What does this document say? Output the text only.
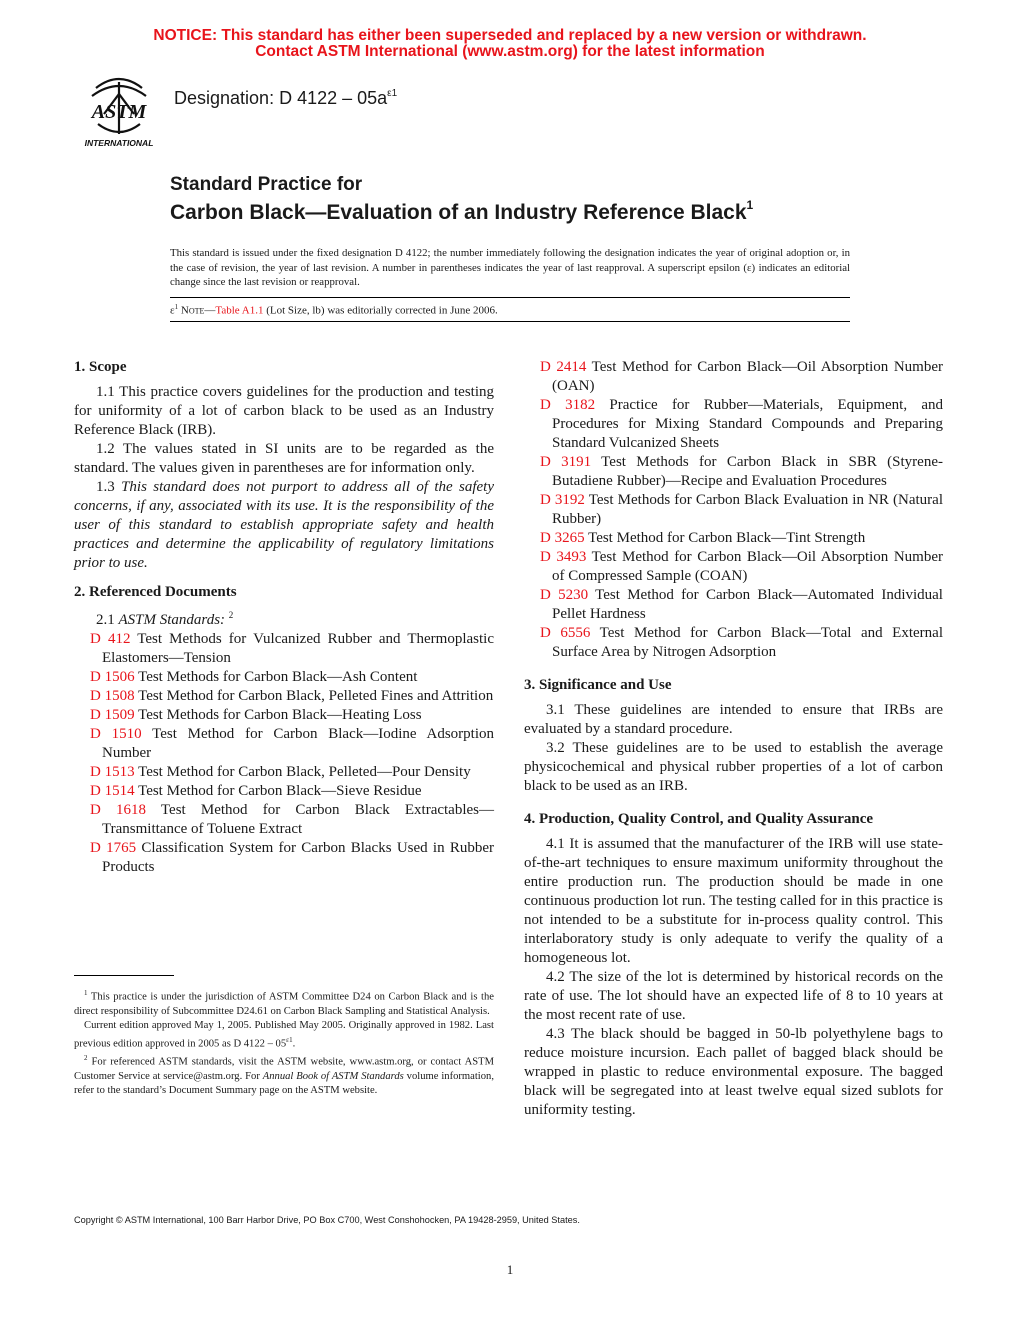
NOTICE: This standard has either been superseded and replaced by a new version or withdrawn.
Contact ASTM International (www.astm.org) for the latest information
ASTM
INTERNATIONAL
Designation: D $4122 - 05a^{\varepsilon 1}$
Standard Practice for
Carbon Black—Evaluation of an Industry Reference Black$^1$
This standard is issued under the fixed designation D 4122; the number immediately following the designation indicates the year of original adoption or, in the case of revision, the year of last revision. A number in parentheses indicates the year of last reapproval. A superscript epsilon (ε) indicates an editorial change since the last revision or reapproval.
$\varepsilon^1$ Note—Table A1.1 (Lot Size, lb) was editorially corrected in June 2006.
1. Scope

1.1 This practice covers guidelines for the production and testing for uniformity of a lot of carbon black to be used as an Industry Reference Black (IRB).

1.2 The values stated in SI units are to be regarded as the standard. The values given in parentheses are for information only.

1.3 This standard does not purport to address all of the safety concerns, if any, associated with its use. It is the responsibility of the user of this standard to establish appropriate safety and health practices and determine the applicability of regulatory limitations prior to use.

2. Referenced Documents

2.1 ASTM Standards: $^2$

D 412 Test Methods for Vulcanized Rubber and Thermoplastic Elastomers—Tension
D 1506 Test Methods for Carbon Black—Ash Content
D 1508 Test Method for Carbon Black, Pelleted Fines and Attrition
D 1509 Test Methods for Carbon Black—Heating Loss
D 1510 Test Method for Carbon Black—Iodine Adsorption Number
D 1513 Test Method for Carbon Black, Pelleted—Pour Density
D 1514 Test Method for Carbon Black—Sieve Residue
D 1618 Test Method for Carbon Black Extractables—Transmittance of Toluene Extract
D 1765 Classification System for Carbon Blacks Used in Rubber Products

$^1$ This practice is under the jurisdiction of ASTM Committee D24 on Carbon Black and is the direct responsibility of Subcommittee D24.61 on Carbon Black Sampling and Statistical Analysis.

Current edition approved May 1, 2005. Published May 2005. Originally approved in 1982. Last previous edition approved in 2005 as D $4122 - 05^{\varepsilon 1}$.

$^2$ For referenced ASTM standards, visit the ASTM website, www.astm.org, or contact ASTM Customer Service at service@astm.org. For Annual Book of ASTM Standards volume information, refer to the standard’s Document Summary page on the ASTM website.

D 2414 Test Method for Carbon Black—Oil Absorption Number (OAN)
D 3182 Practice for Rubber—Materials, Equipment, and Procedures for Mixing Standard Compounds and Preparing Standard Vulcanized Sheets
D 3191 Test Methods for Carbon Black in SBR (Styrene-Butadiene Rubber)—Recipe and Evaluation Procedures
D 3192 Test Methods for Carbon Black Evaluation in NR (Natural Rubber)
D 3265 Test Method for Carbon Black—Tint Strength
D 3493 Test Method for Carbon Black—Oil Absorption Number of Compressed Sample (COAN)
D 5230 Test Method for Carbon Black—Automated Individual Pellet Hardness
D 6556 Test Method for Carbon Black—Total and External Surface Area by Nitrogen Adsorption
3. Significance and Use

3.1 These guidelines are intended to ensure that IRBs are evaluated by a standard procedure.

3.2 These guidelines are to be used to establish the average physicochemical and physical rubber properties of a lot of carbon black to be used as an IRB.

4. Production, Quality Control, and Quality Assurance

4.1 It is assumed that the manufacturer of the IRB will use state-of-the-art techniques to ensure maximum uniformity throughout the entire production run. The production should be made in one continuous production lot run. The testing called for in this practice is not intended to be a substitute for in-process quality control. This interlaboratory study is only adequate to verify the quality of a homogeneous lot.

4.2 The size of the lot is determined by historical records on the rate of use. The lot should have an expected life of 8 to 10 years at the most recent rate of use.

4.3 The black should be bagged in 50-lb polyethylene bags to reduce moisture incursion. Each pallet of bagged black should be wrapped in plastic to reduce environmental exposure. The bagged black will be segregated into at least twelve equal sized sublots for uniformity testing.

Copyright © ASTM International, 100 Barr Harbor Drive, PO Box C700, West Conshohocken, PA 19428-2959, United States.
1
